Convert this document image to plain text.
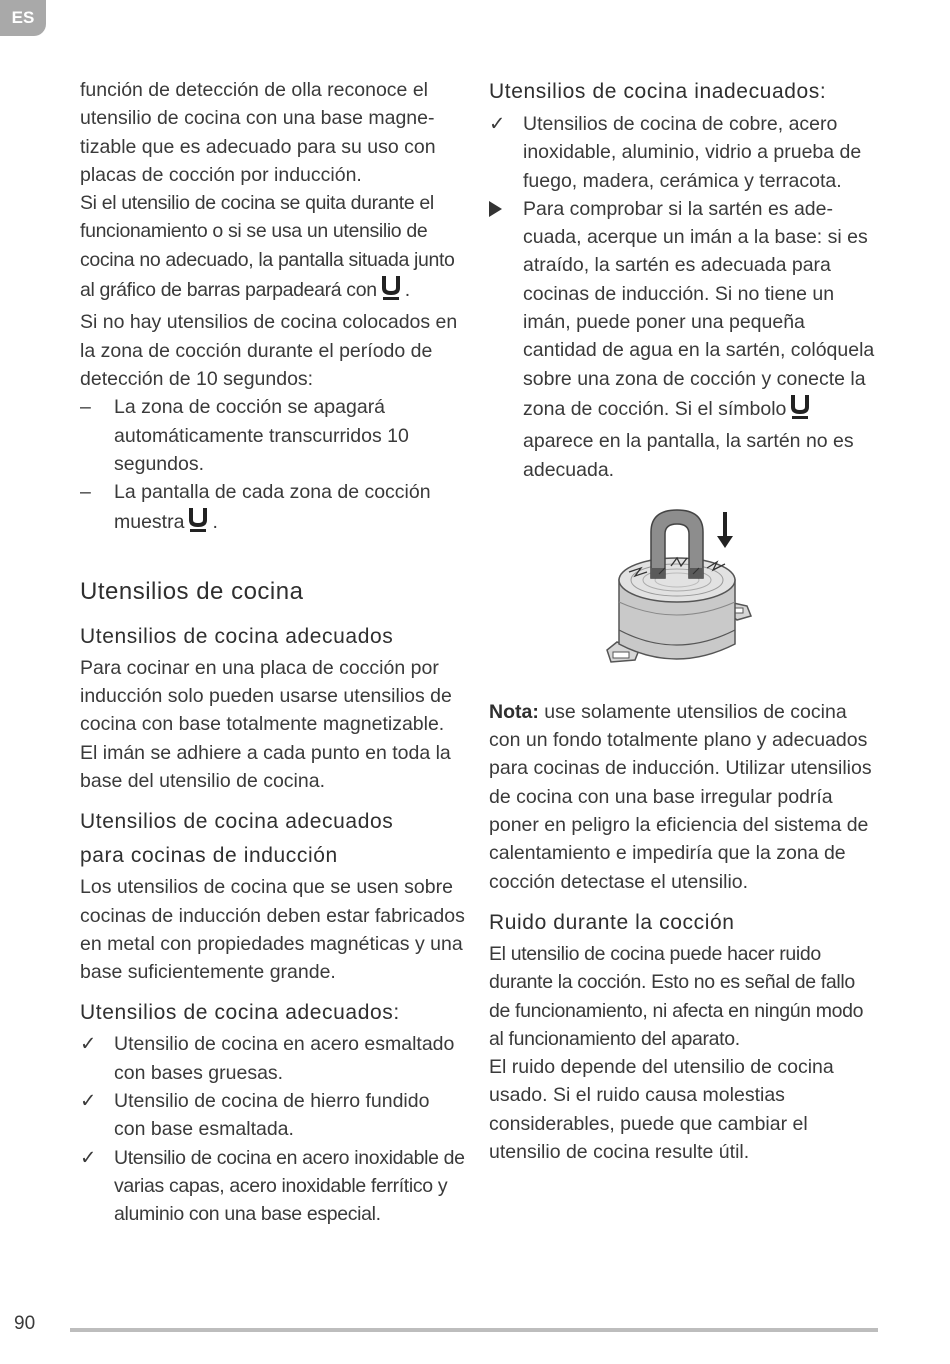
ES

función de detección de olla reconoce el utensilio de cocina con una base magnetizable que es adecuado para su uso con placas de cocción por inducción.

Si el utensilio de cocina se quita durante el funcionamiento o si se usa un utensilio de cocina no adecuado, la pantalla situada junto al gráfico de barras parpadeará con .

Si no hay utensilios de cocina colocados en la zona de cocción durante el período de detección de 10 segundos:

–	La zona de cocción se apagará automáticamente transcurridos 10 segundos.
–	La pantalla de cada zona de cocción muestra .
Utensilios de cocina
Utensilios de cocina adecuados

Para cocinar en una placa de cocción por inducción solo pueden usarse utensilios de cocina con base totalmente magnetizable. El imán se adhiere a cada punto en toda la base del utensilio de cocina.

Utensilios de cocina adecuados
para cocinas de inducción

Los utensilios de cocina que se usen sobre cocinas de inducción deben estar fabricados en metal con propiedades magnéticas y una base suficientemente grande.

Utensilios de cocina adecuados:
✓ Utensilio de cocina en acero esmaltado con bases gruesas.
✓ Utensilio de cocina de hierro fundido con base esmaltada.
✓ Utensilio de cocina en acero inoxidable de varias capas, acero inoxidable ferrítico y aluminio con una base especial.
Utensilios de cocina inadecuados:
✓ Utensilios de cocina de cobre, acero inoxidable, aluminio, vidrio a prueba de fuego, madera, cerámica y terracota.
Para comprobar si la sartén es adecuada, acerque un imán a la base: si es atraído, la sartén es adecuada para cocinas de inducción. Si no tiene un imán, puede poner una pequeña cantidad de agua en la sartén, colóquela sobre una zona de cocción y conecte la zona de cocción. Si el símboloaparece en la pantalla, la sartén no es adecuada.

Nota: use solamente utensilios de cocina con un fondo totalmente plano y adecuados para cocinas de inducción. Utilizar utensilios de cocina con una base irregular podría poner en peligro la eficiencia del sistema de calentamiento e impediría que la zona de cocción detectase el utensilio.

Ruido durante la cocción

El utensilio de cocina puede hacer ruido durante la cocción. Esto no es señal de fallo de funcionamiento, ni afecta en ningún modo al funcionamiento del aparato.

El ruido depende del utensilio de cocina usado. Si el ruido causa molestias considerables, puede que cambiar el utensilio de cocina resulte útil.

90
